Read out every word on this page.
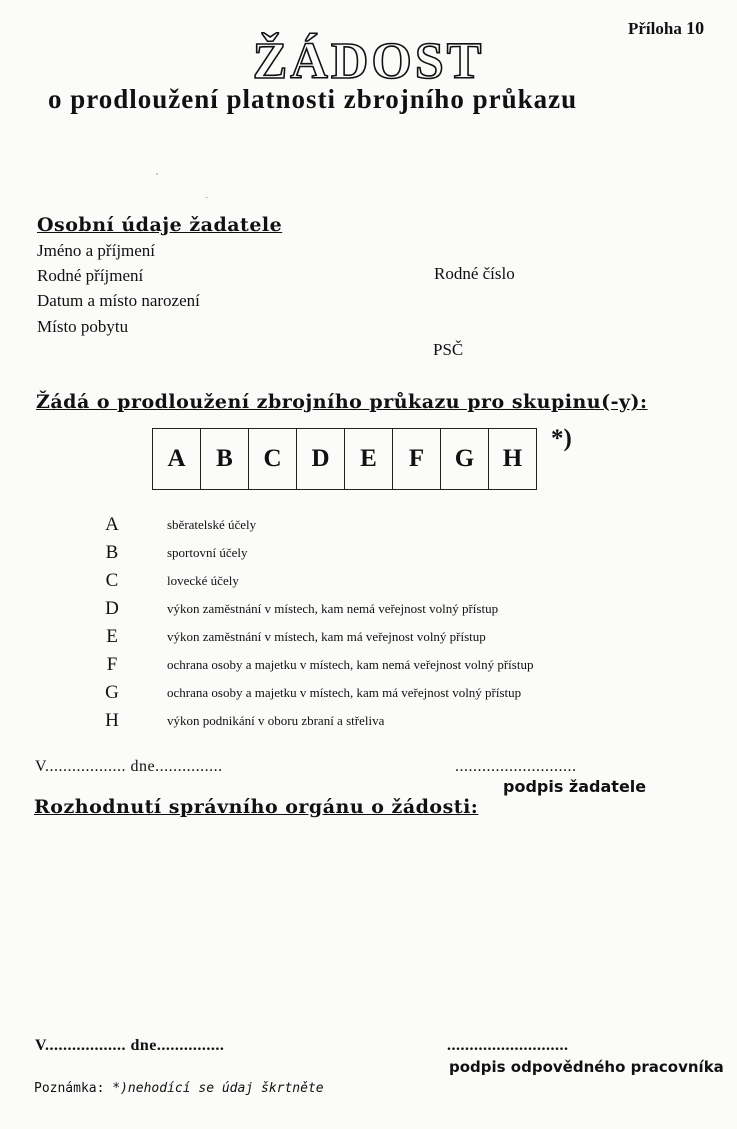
Příloha 10
ŽÁDOST
o prodloužení platnosti zbrojního průkazu
Osobní údaje žadatele
Jméno a příjmení
Rodné příjmení	Rodné číslo
Datum a místo narození
Místo pobytu
PSČ
Žádá o prodloužení zbrojního průkazu pro skupinu(-y):
A	B	C	D	E	F	G	H
*)
A	sběratelské účely
B	sportovní účely
C	lovecké účely
D	výkon zaměstnání v místech, kam nemá veřejnost volný přístup
E	výkon zaměstnání v místech, kam má veřejnost volný přístup
F	ochrana osoby a majetku v místech, kam nemá veřejnost volný přístup
G	ochrana osoby a majetku v místech, kam má veřejnost volný přístup
H	výkon podnikání v oboru zbraní a střeliva
V.................. dne...............	...........................
podpis žadatele
Rozhodnutí správního orgánu o žádosti:
V.................. dne...............	...........................
podpis odpovědného pracovníka
Poznámka: *)nehodící se údaj škrtněte
